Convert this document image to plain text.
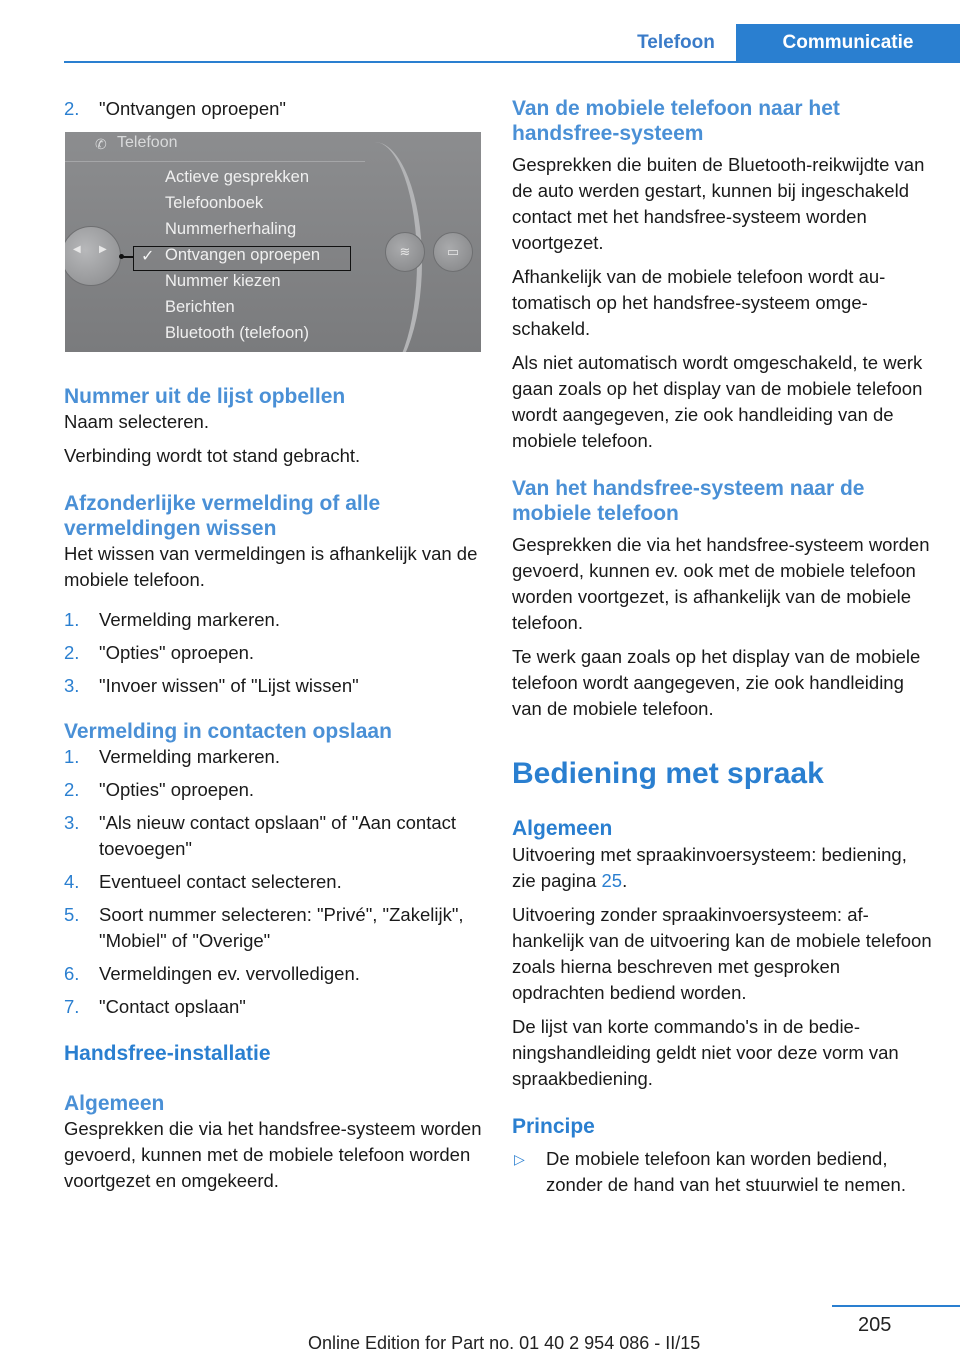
Telefoon	Communicatie
2. "Ontvangen oproepen"
✆ Telefoon
Actieve gesprekken
Telefoonboek
Nummerherhaling
✓ Ontvangen oproepen
Nummer kiezen
Berichten
Bluetooth (telefoon)
◀ ▶	≋	▭
Nummer uit de lijst opbellen

Naam selecteren.

Verbinding wordt tot stand gebracht.

Afzonderlijke vermelding of alle vermeldingen wissen

Het wissen van vermeldingen is afhankelijk van de mobiele telefoon.

1. Vermelding markeren.
2. "Opties" oproepen.
3. "Invoer wissen" of "Lijst wissen"
Vermelding in contacten opslaan
1. Vermelding markeren.
2. "Opties" oproepen.
3. "Als nieuw contact opslaan" of "Aan contact toevoegen"
4. Eventueel contact selecteren.
5. Soort nummer selecteren: "Privé", "Zakelijk", "Mobiel" of "Overige"
6. Vermeldingen ev. vervolledigen.
7. "Contact opslaan"
Handsfree-installatie
Algemeen

Gesprekken die via het handsfree-systeem worden gevoerd, kunnen met de mobiele telefoon worden voortgezet en omgekeerd.

Van de mobiele telefoon naar het handsfree-systeem

Gesprekken die buiten de Bluetooth-reikwijdte van de auto werden gestart, kunnen bij ingeschakeld contact met het handsfree-systeem worden voortgezet.

Afhankelijk van de mobiele telefoon wordt automatisch op het handsfree-systeem omgeschakeld.

Als niet automatisch wordt omgeschakeld, te werk gaan zoals op het display van de mobiele telefoon wordt aangegeven, zie ook handleiding van de mobiele telefoon.

Van het handsfree-systeem naar de mobiele telefoon

Gesprekken die via het handsfree-systeem worden gevoerd, kunnen ev. ook met de mobiele telefoon worden voortgezet, is afhankelijk van de mobiele telefoon.

Te werk gaan zoals op het display van de mobiele telefoon wordt aangegeven, zie ook handleiding van de mobiele telefoon.

Bediening met spraak
Algemeen

Uitvoering met spraakinvoersysteem: bediening, zie pagina 25.

Uitvoering zonder spraakinvoersysteem: afhankelijk van de uitvoering kan de mobiele telefoon zoals hierna beschreven met gesproken opdrachten bediend worden.

De lijst van korte commando's in de bedieningshandleiding geldt niet voor deze vorm van spraakbediening.

Principe
▷ De mobiele telefoon kan worden bediend, zonder de hand van het stuurwiel te nemen.
205
Online Edition for Part no. 01 40 2 954 086 - II/15
